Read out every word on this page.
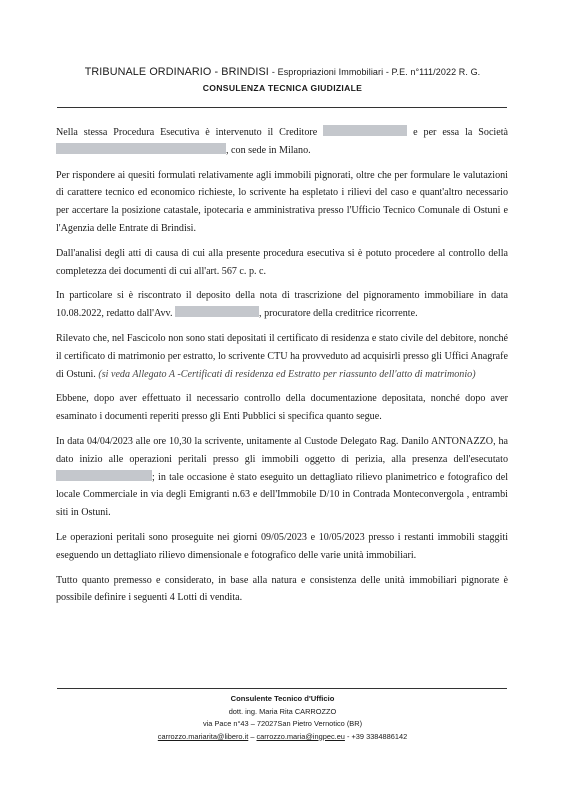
TRIBUNALE ORDINARIO - BRINDISI - Espropriazioni Immobiliari - P.E. n°111/2022 R. G.
CONSULENZA TECNICA GIUDIZIALE

Nella stessa Procedura Esecutiva è intervenuto il Creditore	e per essa la Società , con sede in Milano.

Per rispondere ai quesiti formulati relativamente agli immobili pignorati, oltre che per formulare le valutazioni di carattere tecnico ed economico richieste, lo scrivente ha espletato i rilievi del caso e quant'altro necessario per accertare la posizione catastale, ipotecaria e amministrativa presso l'Ufficio Tecnico Comunale di Ostuni e l'Agenzia delle Entrate di Brindisi.

Dall'analisi degli atti di causa di cui alla presente procedura esecutiva si è potuto procedere al controllo della completezza dei documenti di cui all'art. 567 c. p. c.

In particolare si è riscontrato il deposito della nota di trascrizione del pignoramento immobiliare in data 10.08.2022, redatto dall'Avv.	, procuratore della creditrice ricorrente.

Rilevato che, nel Fascicolo non sono stati depositati il certificato di residenza e stato civile del debitore, nonché il certificato di matrimonio per estratto, lo scrivente CTU ha provveduto ad acquisirli presso gli Uffici Anagrafe di Ostuni. (si veda Allegato A -Certificati di residenza ed Estratto per riassunto dell'atto di matrimonio)

Ebbene, dopo aver effettuato il necessario controllo della documentazione depositata, nonché dopo aver esaminato i documenti reperiti presso gli Enti Pubblici si specifica quanto segue.

In data 04/04/2023 alle ore 10,30 la scrivente, unitamente al Custode Delegato Rag. Danilo ANTONAZZO, ha dato inizio alle operazioni peritali presso gli immobili oggetto di perizia, alla presenza dell'esecutato ; in tale occasione è stato eseguito un dettagliato rilievo planimetrico e fotografico del locale Commerciale in via degli Emigranti n.63 e dell'Immobile D/10 in Contrada Monteconvergola , entrambi siti in Ostuni.

Le operazioni peritali sono proseguite nei giorni 09/05/2023 e 10/05/2023 presso i restanti immobili staggiti eseguendo un dettagliato rilievo dimensionale e fotografico delle varie unità immobiliari.

Tutto quanto premesso e considerato, in base alla natura e consistenza delle unità immobiliari pignorate è possibile definire i seguenti 4 Lotti di vendita.

Consulente Tecnico d'Ufficio
dott. ing. Maria Rita CARROZZO
via Pace n°43 – 72027San Pietro Vernotico (BR)
carrozzo.mariarita@libero.it – carrozzo.maria@ingpec.eu - +39 3384886142
